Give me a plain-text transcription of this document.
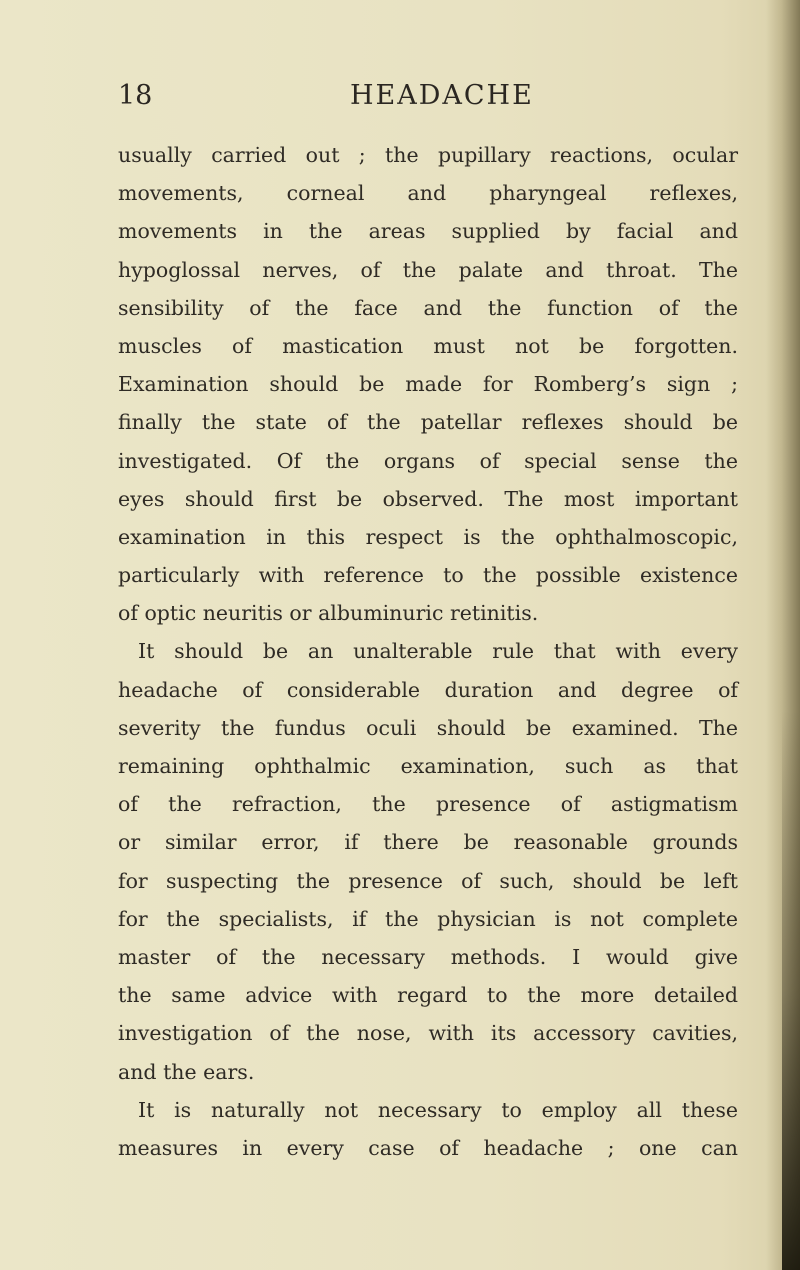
18	HEADACHE
usually carried out ; the pupillary reactions, ocular
movements, corneal and pharyngeal reflexes,
movements in the areas supplied by facial and
hypoglossal nerves, of the palate and throat. The
sensibility of the face and the function of the
muscles of mastication must not be forgotten.
Examination should be made for Romberg’s sign ;
finally the state of the patellar reflexes should be
investigated. Of the organs of special sense the
eyes should first be observed. The most important
examination in this respect is the ophthalmoscopic,
particularly with reference to the possible existence
of optic neuritis or albuminuric retinitis.
It should be an unalterable rule that with every
headache of considerable duration and degree of
severity the fundus oculi should be examined. The
remaining ophthalmic examination, such as that
of the refraction, the presence of astigmatism
or similar error, if there be reasonable grounds
for suspecting the presence of such, should be left
for the specialists, if the physician is not complete
master of the necessary methods. I would give
the same advice with regard to the more detailed
investigation of the nose, with its accessory cavities,
and the ears.
It is naturally not necessary to employ all these
measures in every case of headache ; one can
